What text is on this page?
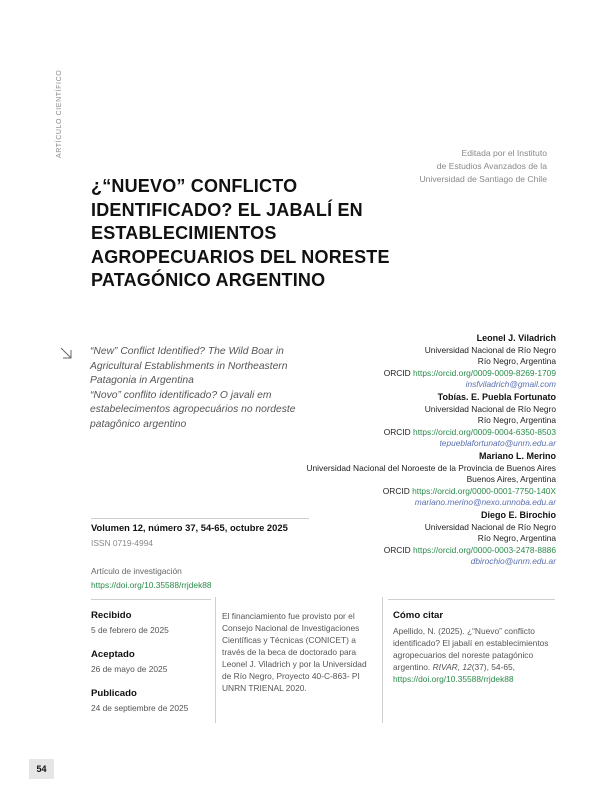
ARTÍCULO CIENTÍFICO	Editada por el Instituto
de Estudios Avanzados de la
Universidad de Santiago de Chile
¿“NUEVO” CONFLICTO IDENTIFICADO? EL JABALÍ EN ESTABLECIMIENTOS AGROPECUARIOS DEL NORESTE PATAGÓNICO ARGENTINO
“New” Conflict Identified? The Wild Boar in Agricultural Establishments in Northeastern Patagonia in Argentina
“Novo” conflito identificado? O javali em estabelecimentos agropecuários no nordeste patagônico argentino
Leonel J. Viladrich
Universidad Nacional de Río Negro
Río Negro, Argentina
ORCID https://orcid.org/0009-0009-8269-1709
insfviladrich@gmail.com
Tobías. E. Puebla Fortunato
Universidad Nacional de Río Negro
Río Negro, Argentina
ORCID https://orcid.org/0009-0004-6350-8503
tepueblafortunato@unrn.edu.ar
Mariano L. Merino
Universidad Nacional del Noroeste de la Provincia de Buenos Aires
Buenos Aires, Argentina
ORCID https://orcid.org/0000-0001-7750-140X
mariano.merino@nexo.unnoba.edu.ar
Diego E. Birochio
Universidad Nacional de Río Negro
Río Negro, Argentina
ORCID https://orcid.org/0000-0003-2478-8886
dbirochio@unrn.edu.ar
Volumen 12, número 37, 54-65, octubre 2025
ISSN 0719-4994
Artículo de investigación
https://doi.org/10.35588/rrjdek88
Recibido
5 de febrero de 2025
Aceptado
26 de mayo de 2025
Publicado
24 de septiembre de 2025
El financiamiento fue provisto por el Consejo Nacional de Investigaciones Científicas y Técnicas (CONICET) a través de la beca de doctorado para Leonel J. Viladrich y por la Universidad de Río Negro, Proyecto 40-C-863- PI UNRN TRIENAL 2020.
Cómo citar
Apellido, N. (2025). ¿“Nuevo” conflicto identificado? El jabalí en establecimientos agropecuarios del noreste patagónico argentino. RIVAR, 12(37), 54-65, https://doi.org/10.35588/rrjdek88
54
